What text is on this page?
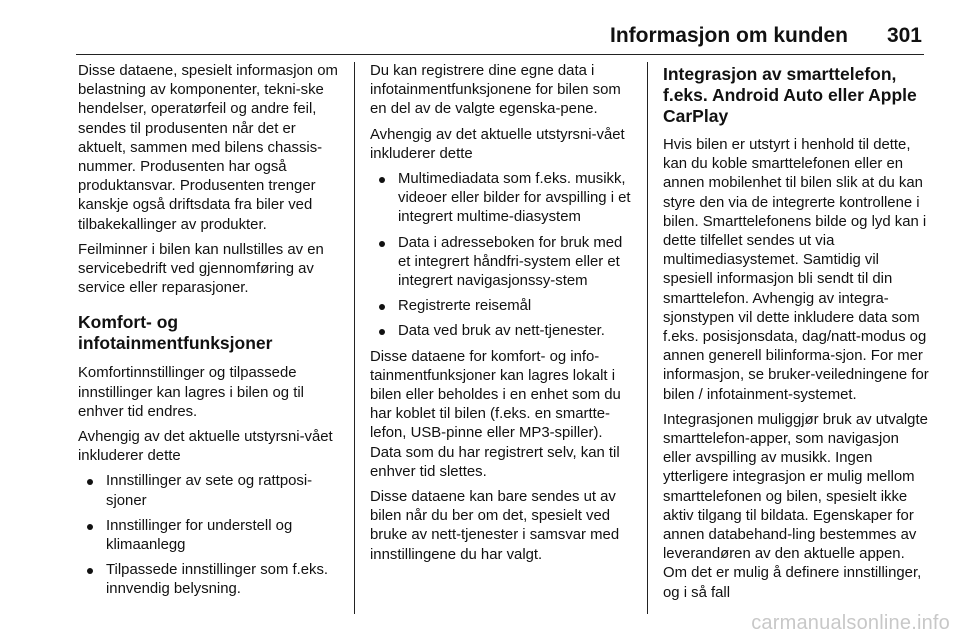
Informasjon om kunden 301

Disse dataene, spesielt informasjon om belastning av komponenter, tekni-ske hendelser, operatørfeil og andre feil, sendes til produsenten når det er aktuelt, sammen med bilens chassis-nummer. Produsenten har også produktansvar. Produsenten trenger kanskje også driftsdata fra biler ved tilbakekallinger av produkter.

Feilminner i bilen kan nullstilles av en servicebedrift ved gjennomføring av service eller reparasjoner.

Komfort- og infotainmentfunksjoner

Komfortinnstillinger og tilpassede innstillinger kan lagres i bilen og til enhver tid endres.

Avhengig av det aktuelle utstyrsni-vået inkluderer dette

Innstillinger av sete og rattposi-sjoner
Innstillinger for understell og klimaanlegg
Tilpassede innstillinger som f.eks. innvendig belysning.

Du kan registrere dine egne data i infotainmentfunksjonene for bilen som en del av de valgte egenska-pene.

Avhengig av det aktuelle utstyrsni-vået inkluderer dette

Multimediadata som f.eks. musikk, videoer eller bilder for avspilling i et integrert multime-diasystem
Data i adresseboken for bruk med et integrert håndfri-system eller et integrert navigasjonssy-stem
Registrerte reisemål
Data ved bruk av nett-tjenester.

Disse dataene for komfort- og info-tainmentfunksjoner kan lagres lokalt i bilen eller beholdes i en enhet som du har koblet til bilen (f.eks. en smartte-lefon, USB-pinne eller MP3-spiller). Data som du har registrert selv, kan til enhver tid slettes.

Disse dataene kan bare sendes ut av bilen når du ber om det, spesielt ved bruke av nett-tjenester i samsvar med innstillingene du har valgt.

Integrasjon av smarttelefon, f.eks. Android Auto eller Apple CarPlay

Hvis bilen er utstyrt i henhold til dette, kan du koble smarttelefonen eller en annen mobilenhet til bilen slik at du kan styre den via de integrerte kontrollene i bilen. Smarttelefonens bilde og lyd kan i dette tilfellet sendes ut via multimediasystemet. Samtidig vil spesiell informasjon bli sendt til din smarttelefon. Avhengig av integra-sjonstypen vil dette inkludere data som f.eks. posisjonsdata, dag/natt-modus og annen generell bilinforma-sjon. For mer informasjon, se bruker-veiledningene for bilen / infotainment-systemet.

Integrasjonen muliggjør bruk av utvalgte smarttelefon-apper, som navigasjon eller avspilling av musikk. Ingen ytterligere integrasjon er mulig mellom smarttelefonen og bilen, spesielt ikke aktiv tilgang til bildata. Egenskaper for annen databehand-ling bestemmes av leverandøren av den aktuelle appen. Om det er mulig å definere innstillinger, og i så fall

carmanualsonline.info
